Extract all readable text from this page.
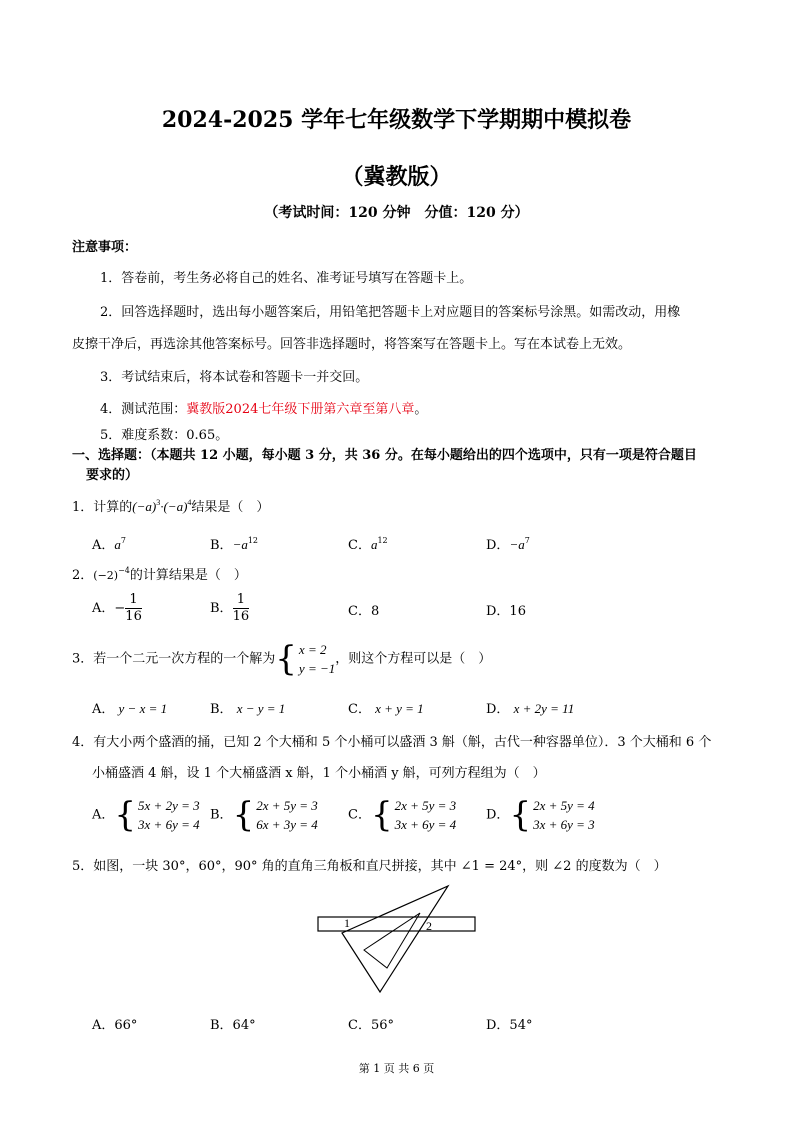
2024-2025 学年七年级数学下学期期中模拟卷
（冀教版）
（考试时间：120 分钟　分值：120 分）
注意事项：
1．答卷前，考生务必将自己的姓名、准考证号填写在答题卡上。
2．回答选择题时，选出每小题答案后，用铅笔把答题卡上对应题目的答案标号涂黑。如需改动，用橡
皮擦干净后，再选涂其他答案标号。回答非选择题时，将答案写在答题卡上。写在本试卷上无效。
3．考试结束后，将本试卷和答题卡一并交回。
4．测试范围：冀教版2024七年级下册第六章至第八章。
5．难度系数：0.65。
一、选择题：（本题共 12 小题，每小题 3 分，共 36 分。在每小题给出的四个选项中，只有一项是符合题目
要求的）
1．计算的$(-a)^3\cdot(-a)^4$结果是（　）
A．$a^7$	B．$-a^{12}$	C．$a^{12}$	D．$-a^7$
2．$(-2)^{-4}$的计算结果是（　）
A．− $\frac{1}{16}$	B． $\frac{1}{16}$	C．8	D．16
3．若一个二元一次方程的一个解为 { x = 2
y = −1
，则这个方程可以是（　）
A． y − x = 1	B． x − y = 1	C． x + y = 1	D． x + 2y = 11
4．有大小两个盛酒的捅，已知 2 个大桶和 5 个小桶可以盛酒 3 斛（斛，古代一种容器单位）．3 个大桶和 6 个
小桶盛酒 4 斛，设 1 个大桶盛酒 x 斛，1 个小桶酒 y 斛，可列方程组为（　）
A． { 5x + 2y = 3
3x + 6y = 4
B． { 2x + 5y = 3
6x + 3y = 4
C． { 2x + 5y = 3
3x + 6y = 4
D． { 2x + 5y = 4
3x + 6y = 3
5．如图，一块 30°，60°，90° 角的直角三角板和直尺拼接，其中 ∠1 = 24°，则 ∠2 的度数为（　）
1	2
A．66°	B．64°	C．56°	D．54°
第 1 页 共 6 页
